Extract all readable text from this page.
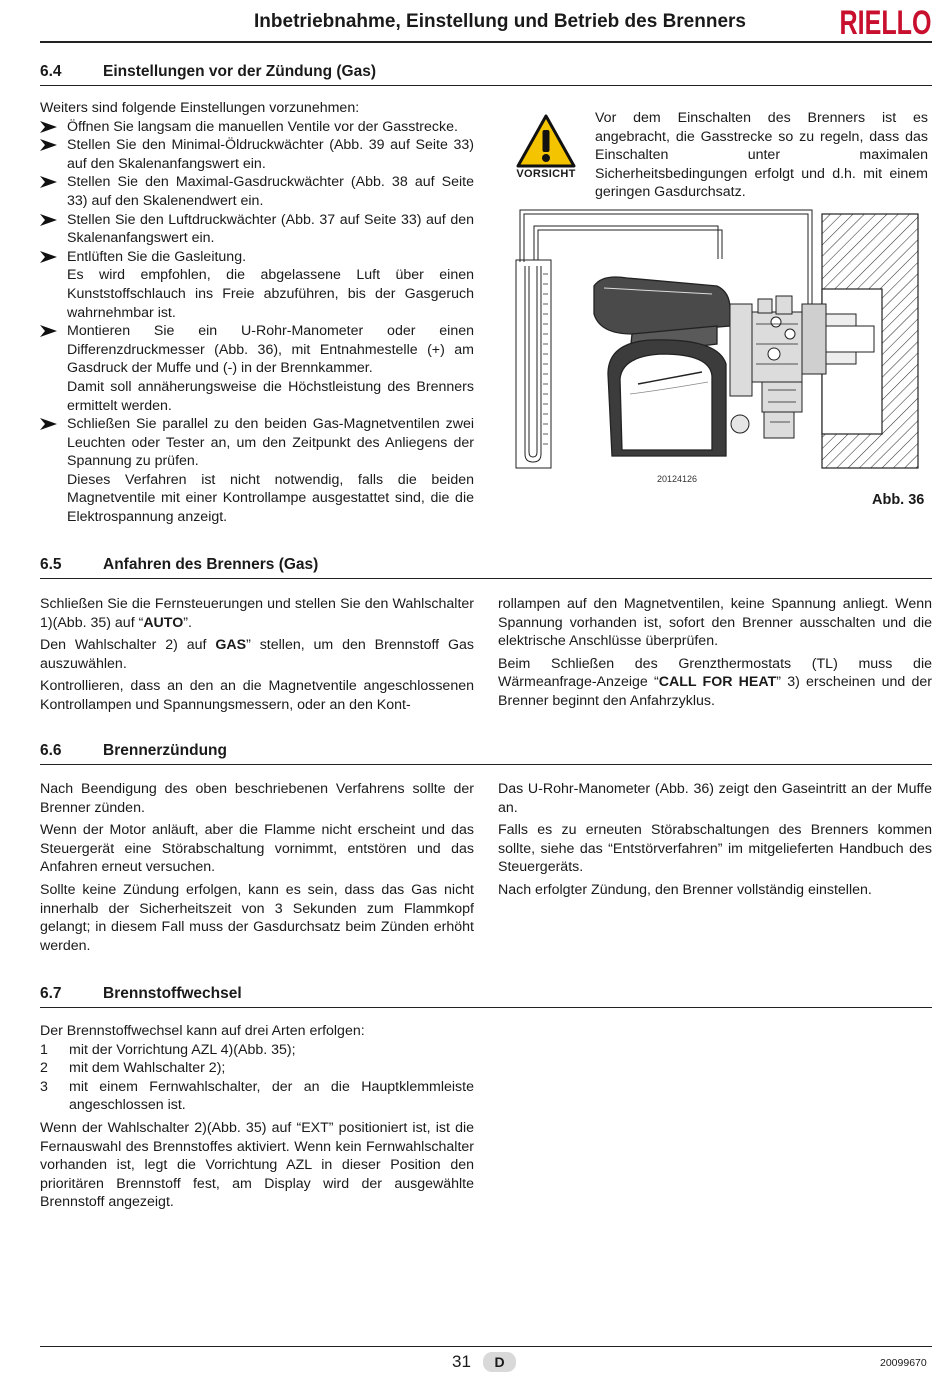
Inbetriebnahme, Einstellung und Betrieb des Brenners	RIELLO
6.4	Einstellungen vor der Zündung (Gas)
Weiters sind folgende Einstellungen vorzunehmen:
Öffnen Sie langsam die manuellen Ventile vor der Gasstrecke.
Stellen Sie den Minimal-Öldruckwächter (Abb. 39 auf Seite 33) auf den Skalenanfangswert ein.
Stellen Sie den Maximal-Gasdruckwächter (Abb. 38 auf Seite 33) auf den Skalenendwert ein.
Stellen Sie den Luftdruckwächter (Abb. 37 auf Seite 33) auf den Skalenanfangswert ein.
Entlüften Sie die Gasleitung.
Es wird empfohlen, die abgelassene Luft über einen Kunststoffschlauch ins Freie abzuführen, bis der Gasgeruch wahrnehmbar ist.
Montieren Sie ein U-Rohr-Manometer oder einen Differenzdruckmesser (Abb. 36), mit Entnahmestelle (+) am Gasdruck der Muffe und (-) in der Brennkammer.
Damit soll annäherungsweise die Höchstleistung des Brenners ermittelt werden.
Schließen Sie parallel zu den beiden Gas-Magnetventilen zwei Leuchten oder Tester an, um den Zeitpunkt des Anliegens der Spannung zu prüfen.
Dieses Verfahren ist nicht notwendig, falls die beiden Magnetventile mit einer Kontrollampe ausgestattet sind, die die Elektrospannung anzeigt.
VORSICHT
Vor dem Einschalten des Brenners ist es angebracht, die Gasstrecke so zu regeln, dass das Einschalten unter maximalen Sicherheitsbedingungen erfolgt und d.h. mit einem geringen Gasdurchsatz.
20124126
Abb. 36
6.5	Anfahren des Brenners (Gas)

Schließen Sie die Fernsteuerungen und stellen Sie den Wahlschalter 1)(Abb. 35) auf “AUTO”.

Den Wahlschalter 2) auf GAS” stellen, um den Brennstoff Gas auszuwählen.

Kontrollieren, dass an den an die Magnetventile angeschlossenen Kontrollampen und Spannungsmessern, oder an den Kont-

rollampen auf den Magnetventilen, keine Spannung anliegt. Wenn Spannung vorhanden ist, sofort den Brenner ausschalten und die elektrische Anschlüsse überprüfen.

Beim Schließen des Grenzthermostats (TL) muss die Wärmeanfrage-Anzeige “CALL FOR HEAT” 3) erscheinen und der Brenner beginnt den Anfahrzyklus.

6.6	Brennerzündung

Nach Beendigung des oben beschriebenen Verfahrens sollte der Brenner zünden.

Wenn der Motor anläuft, aber die Flamme nicht erscheint und das Steuergerät eine Störabschaltung vornimmt, entstören und das Anfahren erneut versuchen.

Sollte keine Zündung erfolgen, kann es sein, dass das Gas nicht innerhalb der Sicherheitszeit von 3 Sekunden zum Flammkopf gelangt; in diesem Fall muss der Gasdurchsatz beim Zünden erhöht werden.

Das U-Rohr-Manometer (Abb. 36) zeigt den Gaseintritt an der Muffe an.

Falls es zu erneuten Störabschaltungen des Brenners kommen sollte, siehe das “Entstörverfahren” im mitgelieferten Handbuch des Steuergeräts.

Nach erfolgter Zündung, den Brenner vollständig einstellen.

6.7	Brennstoffwechsel
Der Brennstoffwechsel kann auf drei Arten erfolgen:
1 mit der Vorrichtung AZL 4)(Abb. 35);
2 mit dem Wahlschalter 2);
3 mit einem Fernwahlschalter, der an die Hauptklemmleiste angeschlossen ist.

Wenn der Wahlschalter 2)(Abb. 35) auf “EXT” positioniert ist, ist die Fernauswahl des Brennstoffes aktiviert. Wenn kein Fernwahlschalter vorhanden ist, legt die Vorrichtung AZL in dieser Position den prioritären Brennstoff fest, am Display wird der ausgewählte Brennstoff angezeigt.

31	D	20099670
